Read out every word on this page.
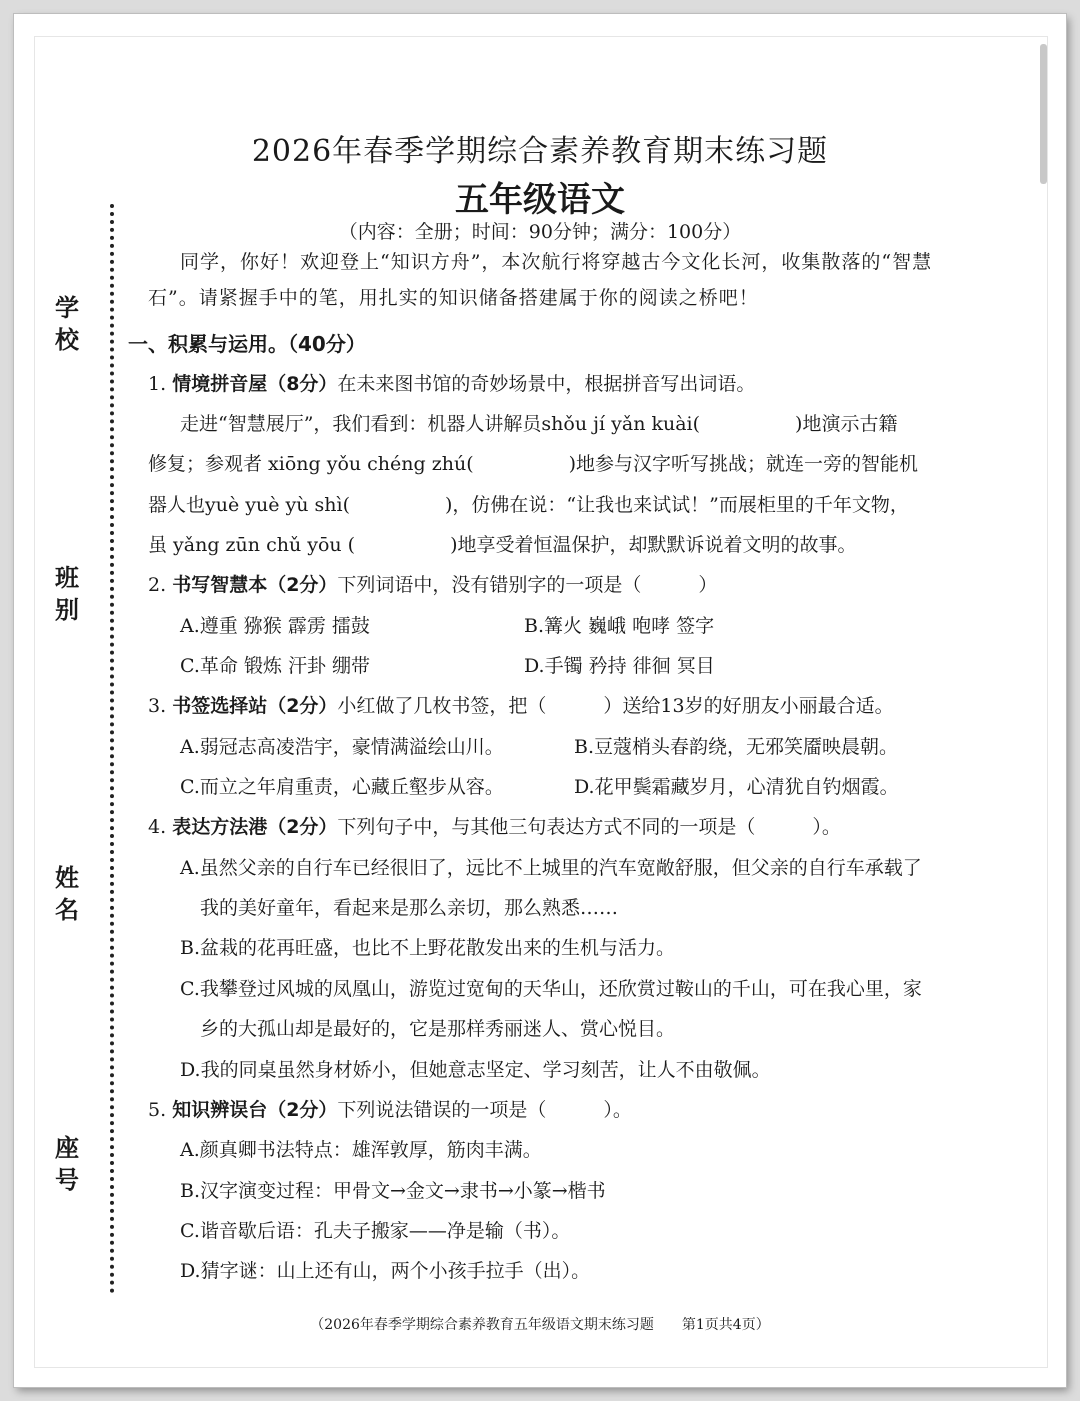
学校
班别
姓名
座号
2026年春季学期综合素养教育期末练习题
五年级语文
（内容：全册；时间：90分钟；满分：100分）
同学，你好！欢迎登上“知识方舟”，本次航行将穿越古今文化长河，收集散落的“智慧
石”。请紧握手中的笔，用扎实的知识储备搭建属于你的阅读之桥吧！
一、积累与运用。（40分）
1. 情境拼音屋（8分）在未来图书馆的奇妙场景中，根据拼音写出词语。
走进“智慧展厅”，我们看到：机器人讲解员shǒu jí yǎn kuài(　　　　　)地演示古籍
修复；参观者 xiōng yǒu chéng zhú(　　　　　)地参与汉字听写挑战；就连一旁的智能机
器人也yuè yuè yù shì(　　　　　)，仿佛在说：“让我也来试试！”而展柜里的千年文物，
虽 yǎng zūn chǔ yōu (　　　　　)地享受着恒温保护，却默默诉说着文明的故事。
2. 书写智慧本（2分）下列词语中，没有错别字的一项是（　　　）
A.遵重 猕猴 霹雳 擂鼓	B.篝火 巍峨 咆哮 签字
C.革命 锻炼 汗卦 绷带	D.手镯 矜持 徘徊 冥目
3. 书签选择站（2分）小红做了几枚书签，把（　　　）送给13岁的好朋友小丽最合适。
A.弱冠志高凌浩宇，豪情满溢绘山川。	B.豆蔻梢头春韵绕，无邪笑靥映晨朝。
C.而立之年肩重责，心藏丘壑步从容。	D.花甲鬓霜藏岁月，心清犹自钓烟霞。
4. 表达方法港（2分）下列句子中，与其他三句表达方式不同的一项是（　　　）。
A.虽然父亲的自行车已经很旧了，远比不上城里的汽车宽敞舒服，但父亲的自行车承载了
我的美好童年，看起来是那么亲切，那么熟悉……
B.盆栽的花再旺盛，也比不上野花散发出来的生机与活力。
C.我攀登过风城的凤凰山，游览过宽甸的天华山，还欣赏过鞍山的千山，可在我心里，家
乡的大孤山却是最好的，它是那样秀丽迷人、赏心悦目。
D.我的同桌虽然身材娇小，但她意志坚定、学习刻苦，让人不由敬佩。
5. 知识辨误台（2分）下列说法错误的一项是（　　　）。
A.颜真卿书法特点：雄浑敦厚，筋肉丰满。
B.汉字演变过程：甲骨文→金文→隶书→小篆→楷书
C.谐音歇后语：孔夫子搬家——净是输（书）。
D.猜字谜：山上还有山，两个小孩手拉手（出）。
（2026年春季学期综合素养教育五年级语文期末练习题　　第1页共4页）
